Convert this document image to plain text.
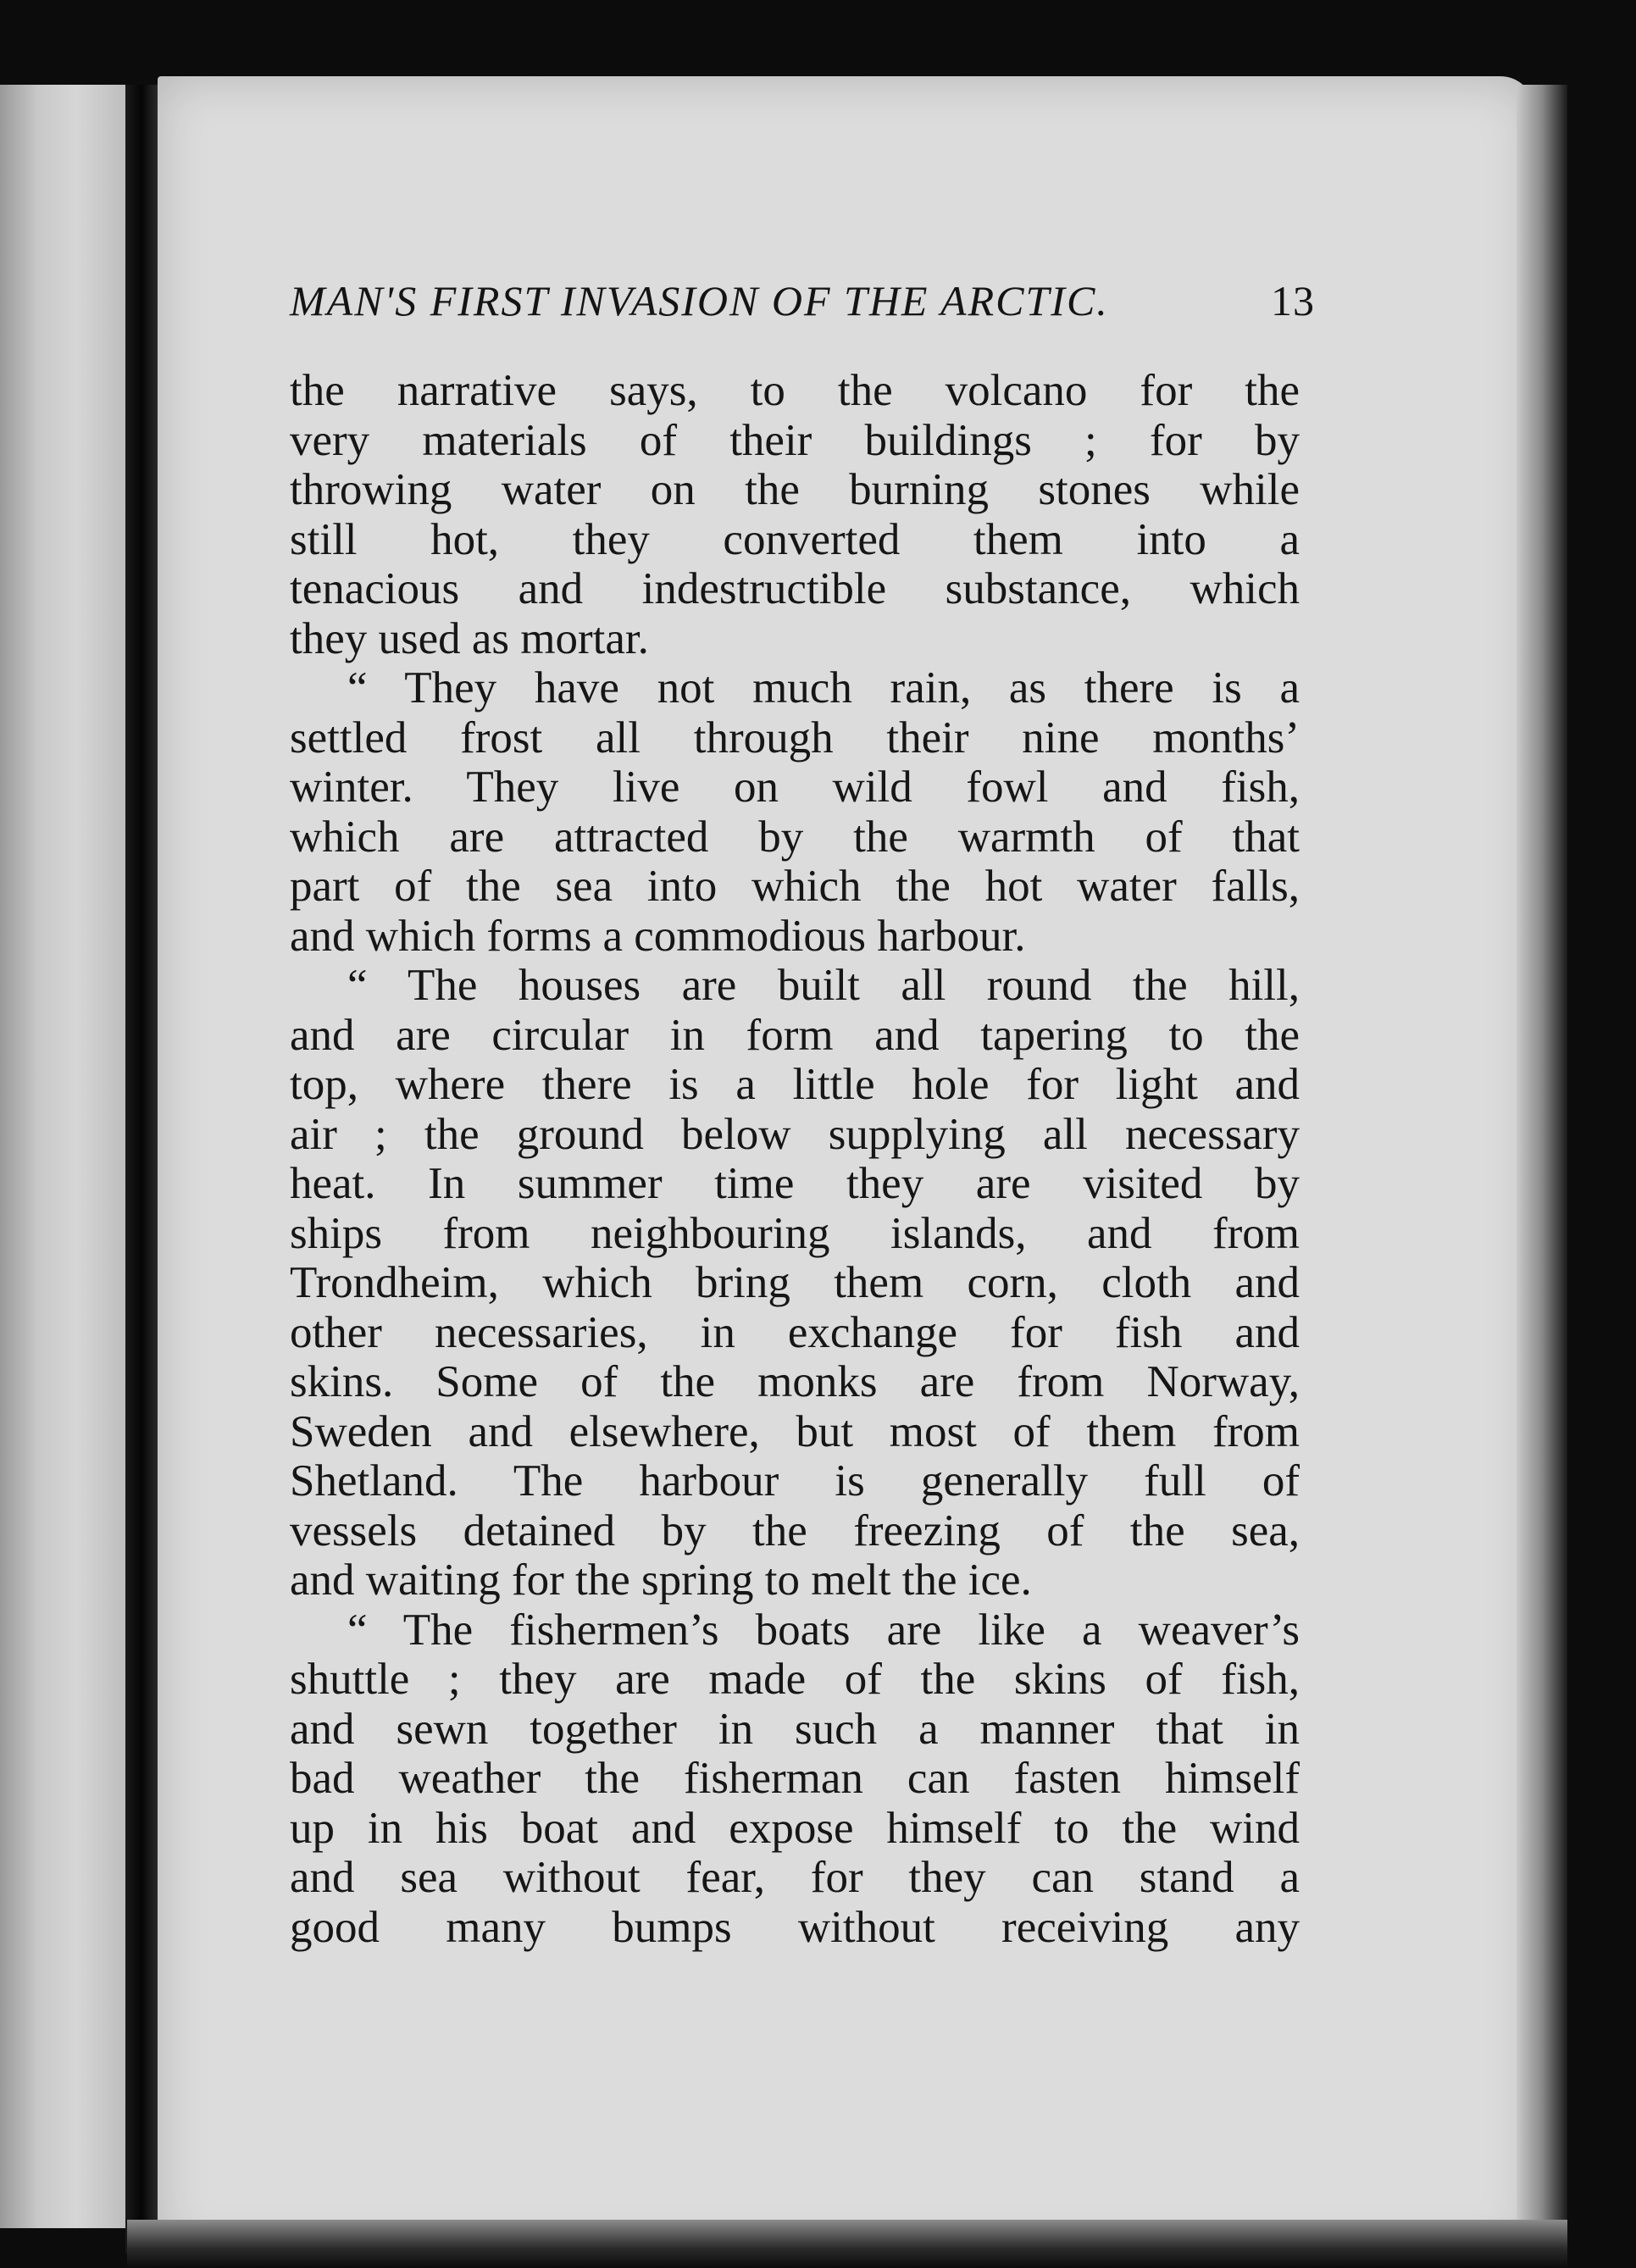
MAN'S FIRST INVASION OF THE ARCTIC.	13
the narrative says, to the volcano for the
very materials of their buildings ; for by
throwing water on the burning stones while
still hot, they converted them into a
tenacious and indestructible substance, which
they used as mortar.
“ They have not much rain, as there is a
settled frost all through their nine months’
winter. They live on wild fowl and fish,
which are attracted by the warmth of that
part of the sea into which the hot water falls,
and which forms a commodious harbour.
“ The houses are built all round the hill,
and are circular in form and tapering to the
top, where there is a little hole for light and
air ; the ground below supplying all necessary
heat. In summer time they are visited by
ships from neighbouring islands, and from
Trondheim, which bring them corn, cloth and
other necessaries, in exchange for fish and
skins. Some of the monks are from Norway,
Sweden and elsewhere, but most of them from
Shetland. The harbour is generally full of
vessels detained by the freezing of the sea,
and waiting for the spring to melt the ice.
“ The fishermen’s boats are like a weaver’s
shuttle ; they are made of the skins of fish,
and sewn together in such a manner that in
bad weather the fisherman can fasten himself
up in his boat and expose himself to the wind
and sea without fear, for they can stand a
good many bumps without receiving any
